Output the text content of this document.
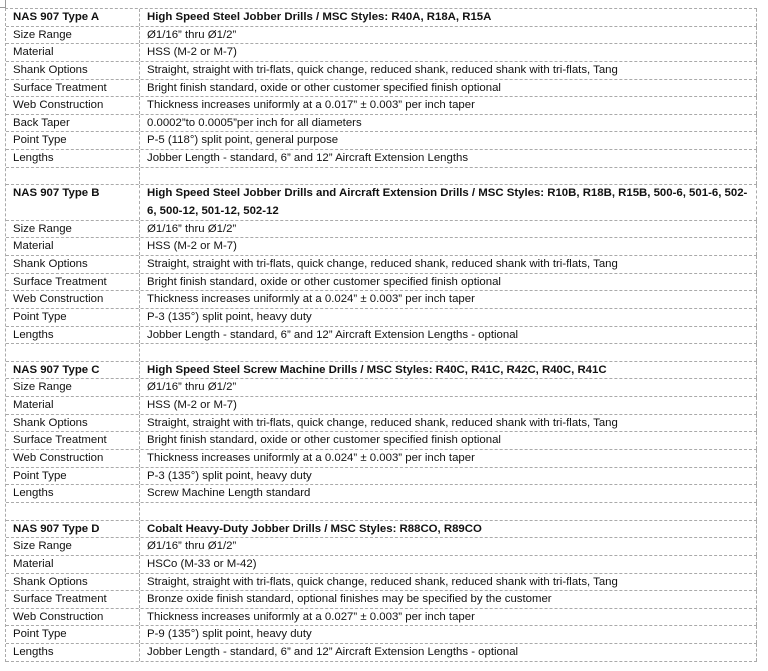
NAS 907 Type A	High Speed Steel Jobber Drills / MSC Styles: R40A, R18A, R15A
Size Range	Ø1/16” thru Ø1/2”
Material	HSS (M-2 or M-7)
Shank Options	Straight, straight with tri-flats, quick change, reduced shank, reduced shank with tri-flats, Tang
Surface Treatment	Bright finish standard, oxide or other customer specified finish optional
Web Construction	Thickness increases uniformly at a 0.017” ± 0.003” per inch taper
Back Taper	0.0002”to 0.0005”per inch for all diameters
Point Type	P-5 (118°) split point, general purpose
Lengths	Jobber Length - standard, 6” and 12” Aircraft Extension Lengths
NAS 907 Type B	High Speed Steel Jobber Drills and Aircraft Extension Drills / MSC Styles: R10B, R18B, R15B, 500-6, 501-6, 502-6, 500-12, 501-12, 502-12
Size Range	Ø1/16” thru Ø1/2”
Material	HSS (M-2 or M-7)
Shank Options	Straight, straight with tri-flats, quick change, reduced shank, reduced shank with tri-flats, Tang
Surface Treatment	Bright finish standard, oxide or other customer specified finish optional
Web Construction	Thickness increases uniformly at a 0.024” ± 0.003” per inch taper
Point Type	P-3 (135°) split point, heavy duty
Lengths	Jobber Length - standard, 6” and 12” Aircraft Extension Lengths - optional
NAS 907 Type C	High Speed Steel Screw Machine Drills / MSC Styles: R40C, R41C, R42C, R40C, R41C
Size Range	Ø1/16” thru Ø1/2”
Material	HSS (M-2 or M-7)
Shank Options	Straight, straight with tri-flats, quick change, reduced shank, reduced shank with tri-flats, Tang
Surface Treatment	Bright finish standard, oxide or other customer specified finish optional
Web Construction	Thickness increases uniformly at a 0.024” ± 0.003” per inch taper
Point Type	P-3 (135°) split point, heavy duty
Lengths	Screw Machine Length standard
NAS 907 Type D	Cobalt Heavy-Duty Jobber Drills / MSC Styles: R88CO, R89CO
Size Range	Ø1/16” thru Ø1/2”
Material	HSCo (M-33 or M-42)
Shank Options	Straight, straight with tri-flats, quick change, reduced shank, reduced shank with tri-flats, Tang
Surface Treatment	Bronze oxide finish standard, optional finishes may be specified by the customer
Web Construction	Thickness increases uniformly at a 0.027” ± 0.003” per inch taper
Point Type	P-9 (135°) split point, heavy duty
Lengths	Jobber Length - standard, 6” and 12” Aircraft Extension Lengths - optional
